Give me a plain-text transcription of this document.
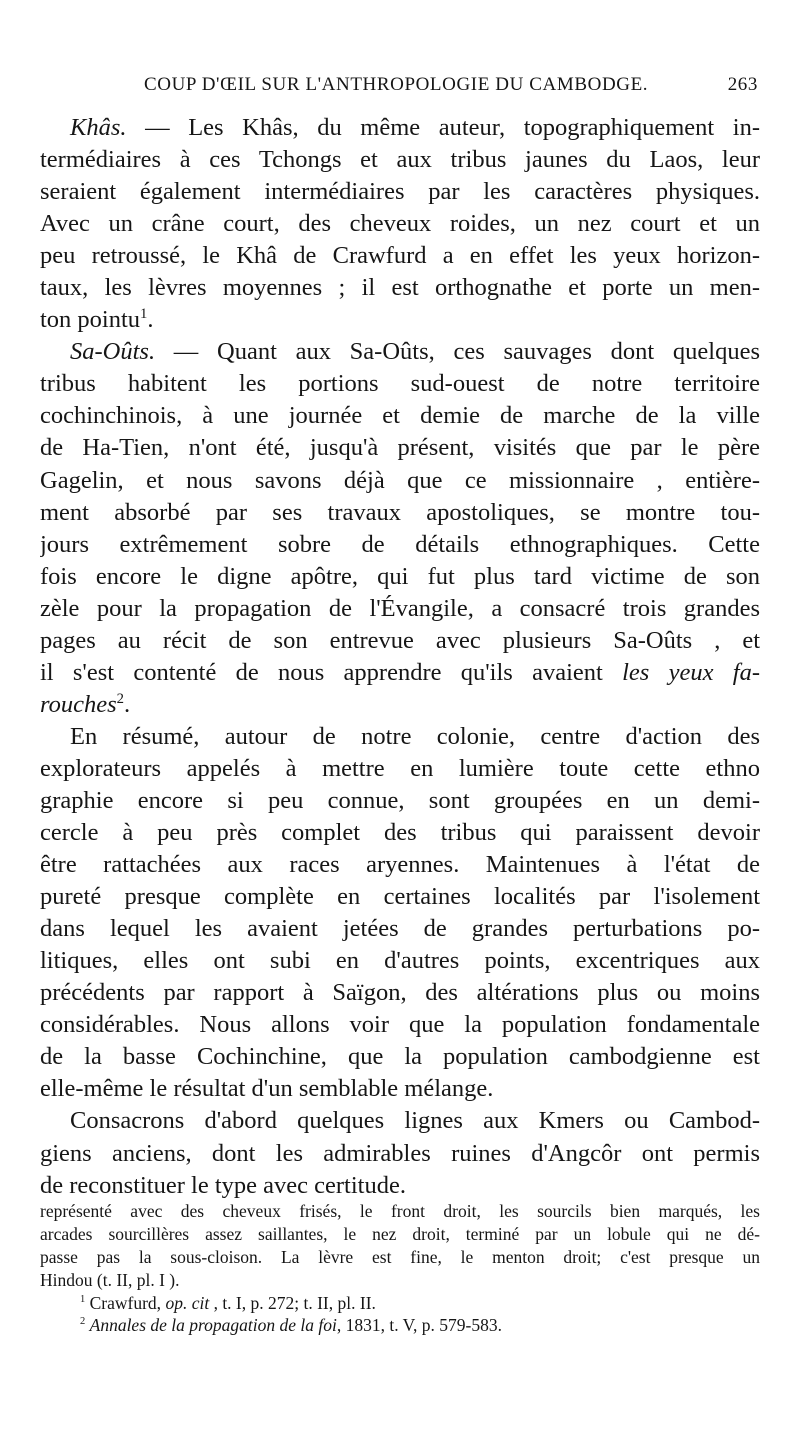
COUP D'ŒIL SUR L'ANTHROPOLOGIE DU CAMBODGE.	263
Khâs. — Les Khâs, du même auteur, topographiquement in-
termédiaires à ces Tchongs et aux tribus jaunes du Laos, leur
seraient également intermédiaires par les caractères physiques.
Avec un crâne court, des cheveux roides, un nez court et un
peu retroussé, le Khâ de Crawfurd a en effet les yeux horizon-
taux, les lèvres moyennes ; il est orthognathe et porte un men-
ton pointu$^1$.
Sa-Oûts. — Quant aux Sa-Oûts, ces sauvages dont quelques
tribus habitent les portions sud-ouest de notre territoire
cochinchinois, à une journée et demie de marche de la ville
de Ha-Tien, n'ont été, jusqu'à présent, visités que par le père
Gagelin, et nous savons déjà que ce missionnaire , entière-
ment absorbé par ses travaux apostoliques, se montre tou-
jours extrêmement sobre de détails ethnographiques. Cette
fois encore le digne apôtre, qui fut plus tard victime de son
zèle pour la propagation de l'Évangile, a consacré trois grandes
pages au récit de son entrevue avec plusieurs Sa-Oûts , et
il s'est contenté de nous apprendre qu'ils avaient les yeux fa-
rouches$^2$.
En résumé, autour de notre colonie, centre d'action des
explorateurs appelés à mettre en lumière toute cette ethno
graphie encore si peu connue, sont groupées en un demi-
cercle à peu près complet des tribus qui paraissent devoir
être rattachées aux races aryennes. Maintenues à l'état de
pureté presque complète en certaines localités par l'isolement
dans lequel les avaient jetées de grandes perturbations po-
litiques, elles ont subi en d'autres points, excentriques aux
précédents par rapport à Saïgon, des altérations plus ou moins
considérables. Nous allons voir que la population fondamentale
de la basse Cochinchine, que la population cambodgienne est
elle-même le résultat d'un semblable mélange.
Consacrons d'abord quelques lignes aux Kmers ou Cambod-
giens anciens, dont les admirables ruines d'Angcôr ont permis
de reconstituer le type avec certitude.
représenté avec des cheveux frisés, le front droit, les sourcils bien marqués, les
arcades sourcillères assez saillantes, le nez droit, terminé par un lobule qui ne dé-
passe pas la sous-cloison. La lèvre est fine, le menton droit; c'est presque un
Hindou (t. II, pl. I ).
$^1$ Crawfurd, op. cit , t. I, p. 272; t. II, pl. II.
$^2$ Annales de la propagation de la foi, 1831, t. V, p. 579-583.
